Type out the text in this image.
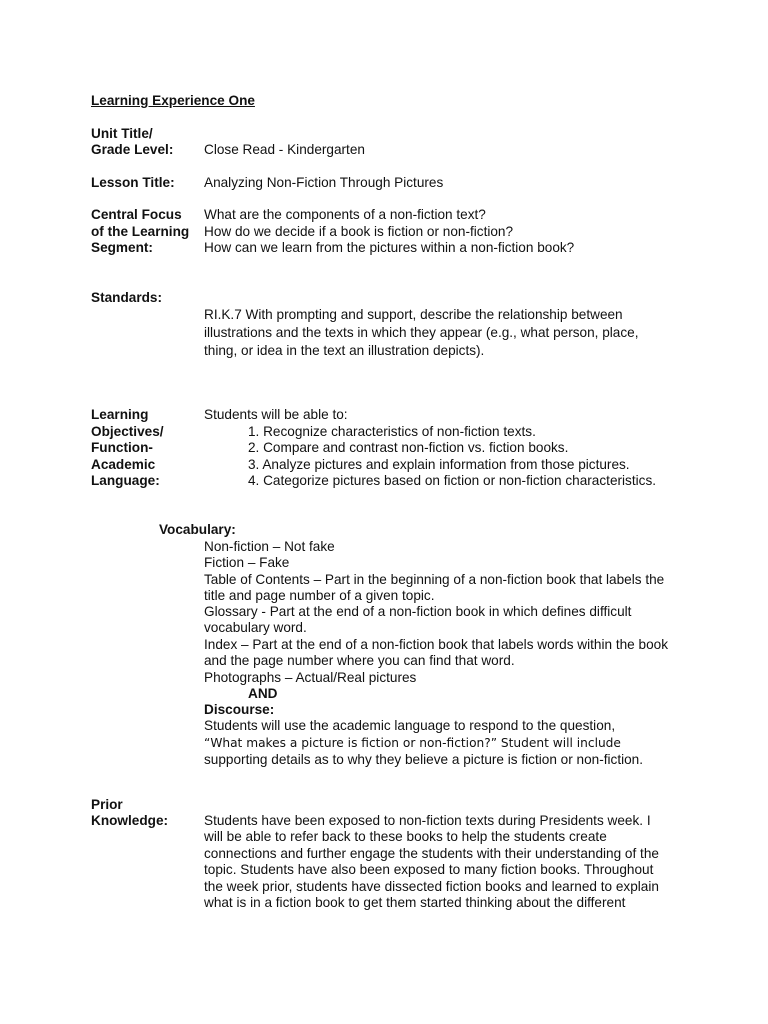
Learning Experience One
Unit Title/
Grade Level: Close Read - Kindergarten
Lesson Title: Analyzing Non-Fiction Through Pictures
Central Focus
of the Learning
Segment:
What are the components of a non-fiction text?
How do we decide if a book is fiction or non-fiction?
How can we learn from the pictures within a non-fiction book?
Standards:
RI.K.7 With prompting and support, describe the relationship between
illustrations and the texts in which they appear (e.g., what person, place,
thing, or idea in the text an illustration depicts).
Learning
Objectives/
Function-
Academic
Language:
Students will be able to:
1. Recognize characteristics of non-fiction texts.
2. Compare and contrast non-fiction vs. fiction books.
3. Analyze pictures and explain information from those pictures.
4. Categorize pictures based on fiction or non-fiction characteristics.
Vocabulary:
Non-fiction – Not fake
Fiction – Fake
Table of Contents – Part in the beginning of a non-fiction book that labels the
title and page number of a given topic.
Glossary - Part at the end of a non-fiction book in which defines difficult
vocabulary word.
Index – Part at the end of a non-fiction book that labels words within the book
and the page number where you can find that word.
Photographs – Actual/Real pictures
AND
Discourse:
Students will use the academic language to respond to the question,
“What makes a picture is fiction or non-fiction?” Student will include
supporting details as to why they believe a picture is fiction or non-fiction.
Prior
Knowledge:	Students have been exposed to non-fiction texts during Presidents week. I
will be able to refer back to these books to help the students create
connections and further engage the students with their understanding of the
topic. Students have also been exposed to many fiction books. Throughout
the week prior, students have dissected fiction books and learned to explain
what is in a fiction book to get them started thinking about the different
